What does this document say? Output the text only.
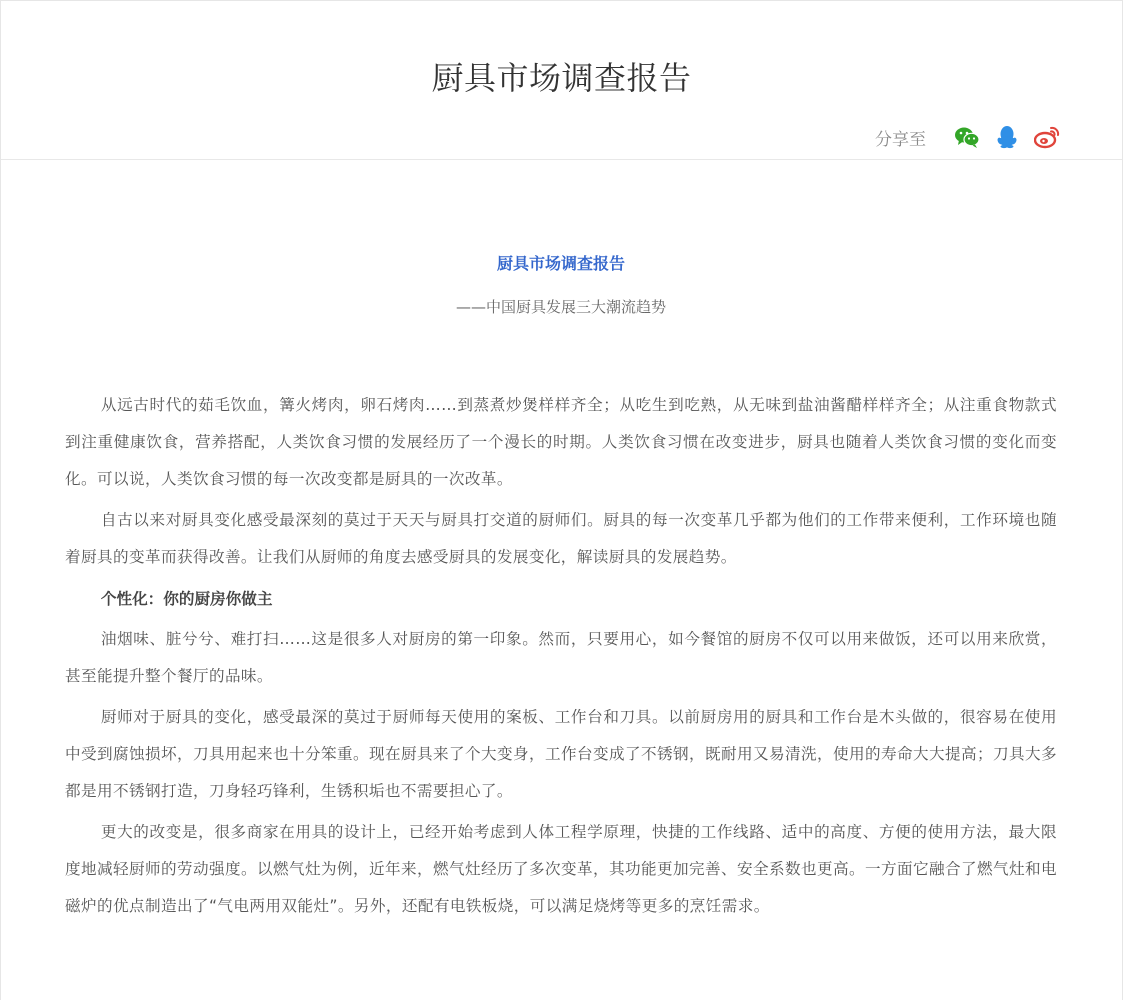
厨具市场调查报告
分享至
厨具市场调查报告
——中国厨具发展三大潮流趋势

从远古时代的茹毛饮血，篝火烤肉，卵石烤肉……到蒸煮炒煲样样齐全；从吃生到吃熟，从无味到盐油酱醋样样齐全；从注重食物款式到注重健康饮食，营养搭配，人类饮食习惯的发展经历了一个漫长的时期。人类饮食习惯在改变进步，厨具也随着人类饮食习惯的变化而变化。可以说，人类饮食习惯的每一次改变都是厨具的一次改革。

自古以来对厨具变化感受最深刻的莫过于天天与厨具打交道的厨师们。厨具的每一次变革几乎都为他们的工作带来便利，工作环境也随着厨具的变革而获得改善。让我们从厨师的角度去感受厨具的发展变化，解读厨具的发展趋势。

个性化：你的厨房你做主

油烟味、脏兮兮、难打扫……这是很多人对厨房的第一印象。然而，只要用心，如今餐馆的厨房不仅可以用来做饭，还可以用来欣赏，甚至能提升整个餐厅的品味。

厨师对于厨具的变化，感受最深的莫过于厨师每天使用的案板、工作台和刀具。以前厨房用的厨具和工作台是木头做的，很容易在使用中受到腐蚀损坏，刀具用起来也十分笨重。现在厨具来了个大变身，工作台变成了不锈钢，既耐用又易清洗，使用的寿命大大提高；刀具大多都是用不锈钢打造，刀身轻巧锋利，生锈积垢也不需要担心了。

更大的改变是，很多商家在用具的设计上，已经开始考虑到人体工程学原理，快捷的工作线路、适中的高度、方便的使用方法，最大限度地减轻厨师的劳动强度。以燃气灶为例，近年来，燃气灶经历了多次变革，其功能更加完善、安全系数也更高。一方面它融合了燃气灶和电磁炉的优点制造出了“气电两用双能灶”。另外，还配有电铁板烧，可以满足烧烤等更多的烹饪需求。
